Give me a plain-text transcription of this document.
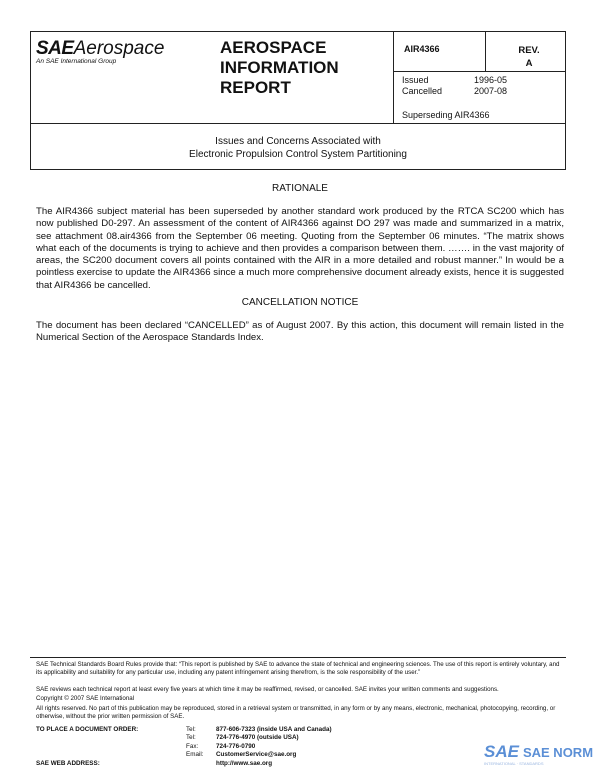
SAEAerospace
An SAE International Group
AEROSPACE INFORMATION REPORT
AIR4366	REV.
A
Issued	1996-05
Cancelled	2007-08
Superseding AIR4366
Issues and Concerns Associated with
Electronic Propulsion Control System Partitioning
RATIONALE
The AIR4366 subject material has been superseded by another standard work produced by the RTCA SC200 which has now published D0-297. An assessment of the content of AIR4366 against DO 297 was made and summarized in a matrix, see attachment 08.air4366 from the September 06 meeting. Quoting from the September 06 minutes. “The matrix shows what each of the documents is trying to achieve and then provides a comparison between them. ……. in the vast majority of areas, the SC200 document covers all points contained with the AIR in a more detailed and robust manner.” In would be a pointless exercise to update the AIR4366 since a much more comprehensive document already exists, hence it is suggested that AIR4366 be cancelled.
CANCELLATION NOTICE
The document has been declared “CANCELLED” as of August 2007. By this action, this document will remain listed in the Numerical Section of the Aerospace Standards Index.
SAE Technical Standards Board Rules provide that: “This report is published by SAE to advance the state of technical and engineering sciences. The use of this report is entirely voluntary, and its applicability and suitability for any particular use, including any patent infringement arising therefrom, is the sole responsibility of the user.”
SAE reviews each technical report at least every five years at which time it may be reaffirmed, revised, or cancelled. SAE invites your written comments and suggestions.
Copyright © 2007 SAE International
All rights reserved. No part of this publication may be reproduced, stored in a retrieval system or transmitted, in any form or by any means, electronic, mechanical, photocopying, recording, or otherwise, without the prior written permission of SAE.
TO PLACE A DOCUMENT ORDER:	Tel:	877-606-7323 (inside USA and Canada)
Tel:	724-776-4970 (outside USA)
Fax:	724-776-0790
Email: CustomerService@sae.org
SAE WEB ADDRESS:	http://www.sae.org
SAE SAE NORM
INTERNATIONAL · STANDARDS
